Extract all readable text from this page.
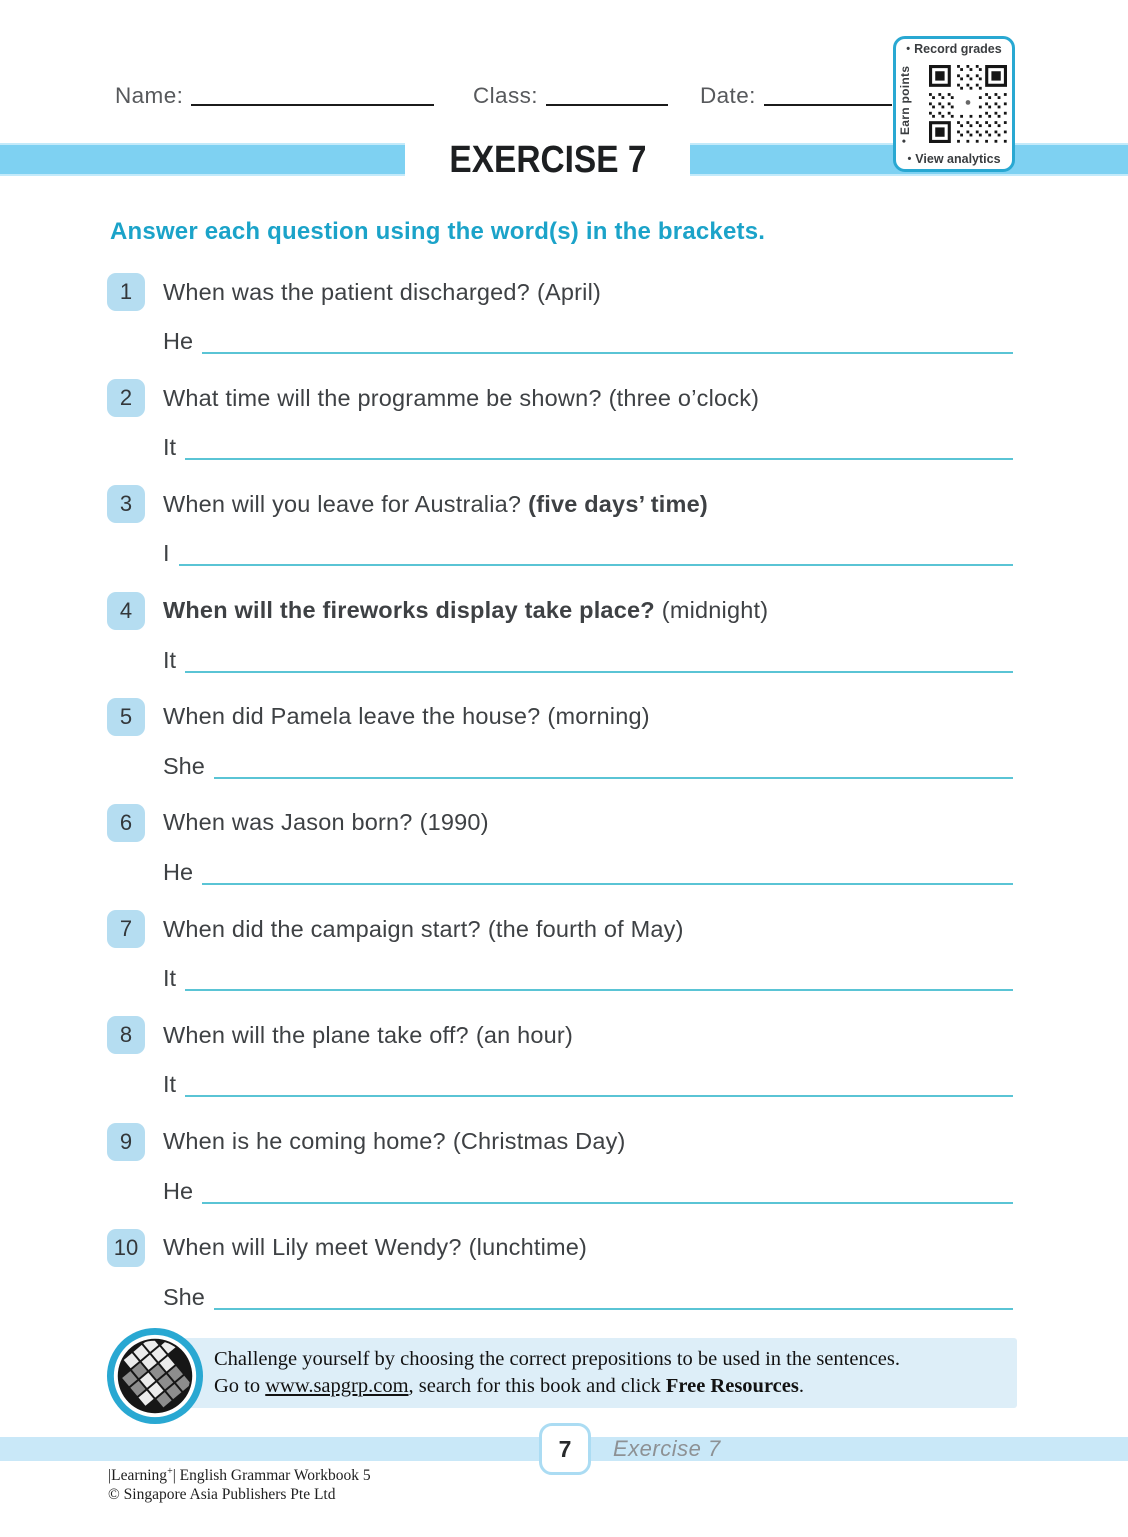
Name:	Class:	Date:
EXERCISE 7
• Record grades
•

Earn points
• View analytics
Answer each question using the word(s) in the brackets.
1 When was the patient discharged? (April)
He
2 What time will the programme be shown? (three o’clock)
It
3 When will you leave for Australia? (five days’ time)
I
4 When will the fireworks display take place? (midnight)
It
5 When did Pamela leave the house? (morning)
She
6 When was Jason born? (1990)
He
7 When did the campaign start? (the fourth of May)
It
8 When will the plane take off? (an hour)
It
9 When is he coming home? (Christmas Day)
He
10 When will Lily meet Wendy? (lunchtime)
She
Challenge yourself by choosing the correct prepositions to be used in the sentences.
Go to www.sapgrp.com, search for this book and click Free Resources.
7 Exercise 7
|Learning+| English Grammar Workbook 5
© Singapore Asia Publishers Pte Ltd
